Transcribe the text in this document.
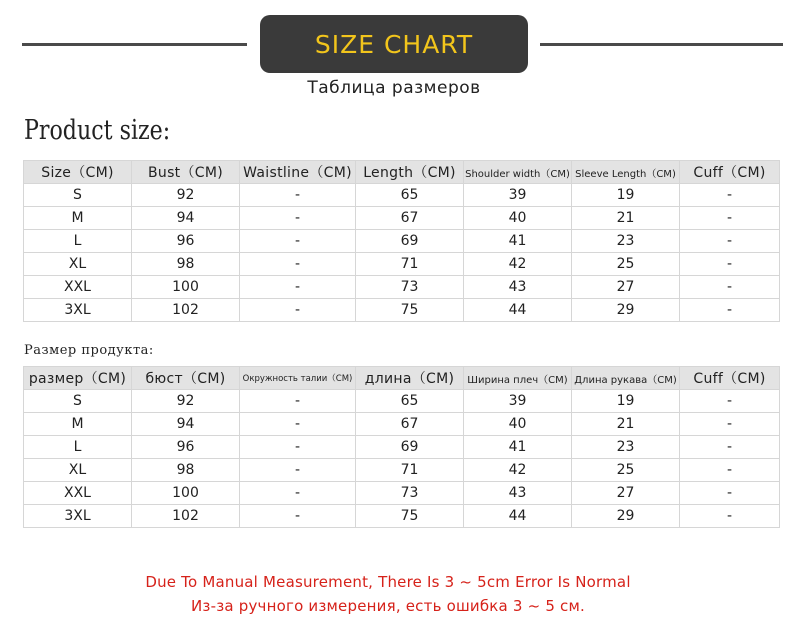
SIZE CHART
Таблица размеров
Product size:
Size（CM)	Bust（CM)	Waistline（CM)	Length（CM)	Shoulder width（CM)	Sleeve Length（CM)	Cuff（CM)
S	92	-	65	39	19	-
M	94	-	67	40	21	-
L	96	-	69	41	23	-
XL	98	-	71	42	25	-
XXL	100	-	73	43	27	-
3XL	102	-	75	44	29	-
Размер продукта:
размер（CM)	бюст（CM)	Окружность талии（CM)	длина（CM)	Ширина плеч（CM)	Длина рукава（CM)	Cuff（CM)
S	92	-	65	39	19	-
M	94	-	67	40	21	-
L	96	-	69	41	23	-
XL	98	-	71	42	25	-
XXL	100	-	73	43	27	-
3XL	102	-	75	44	29	-
Due To Manual Measurement, There Is 3 ~ 5cm Error Is Normal
Из-за ручного измерения, есть ошибка 3 ~ 5 см.
